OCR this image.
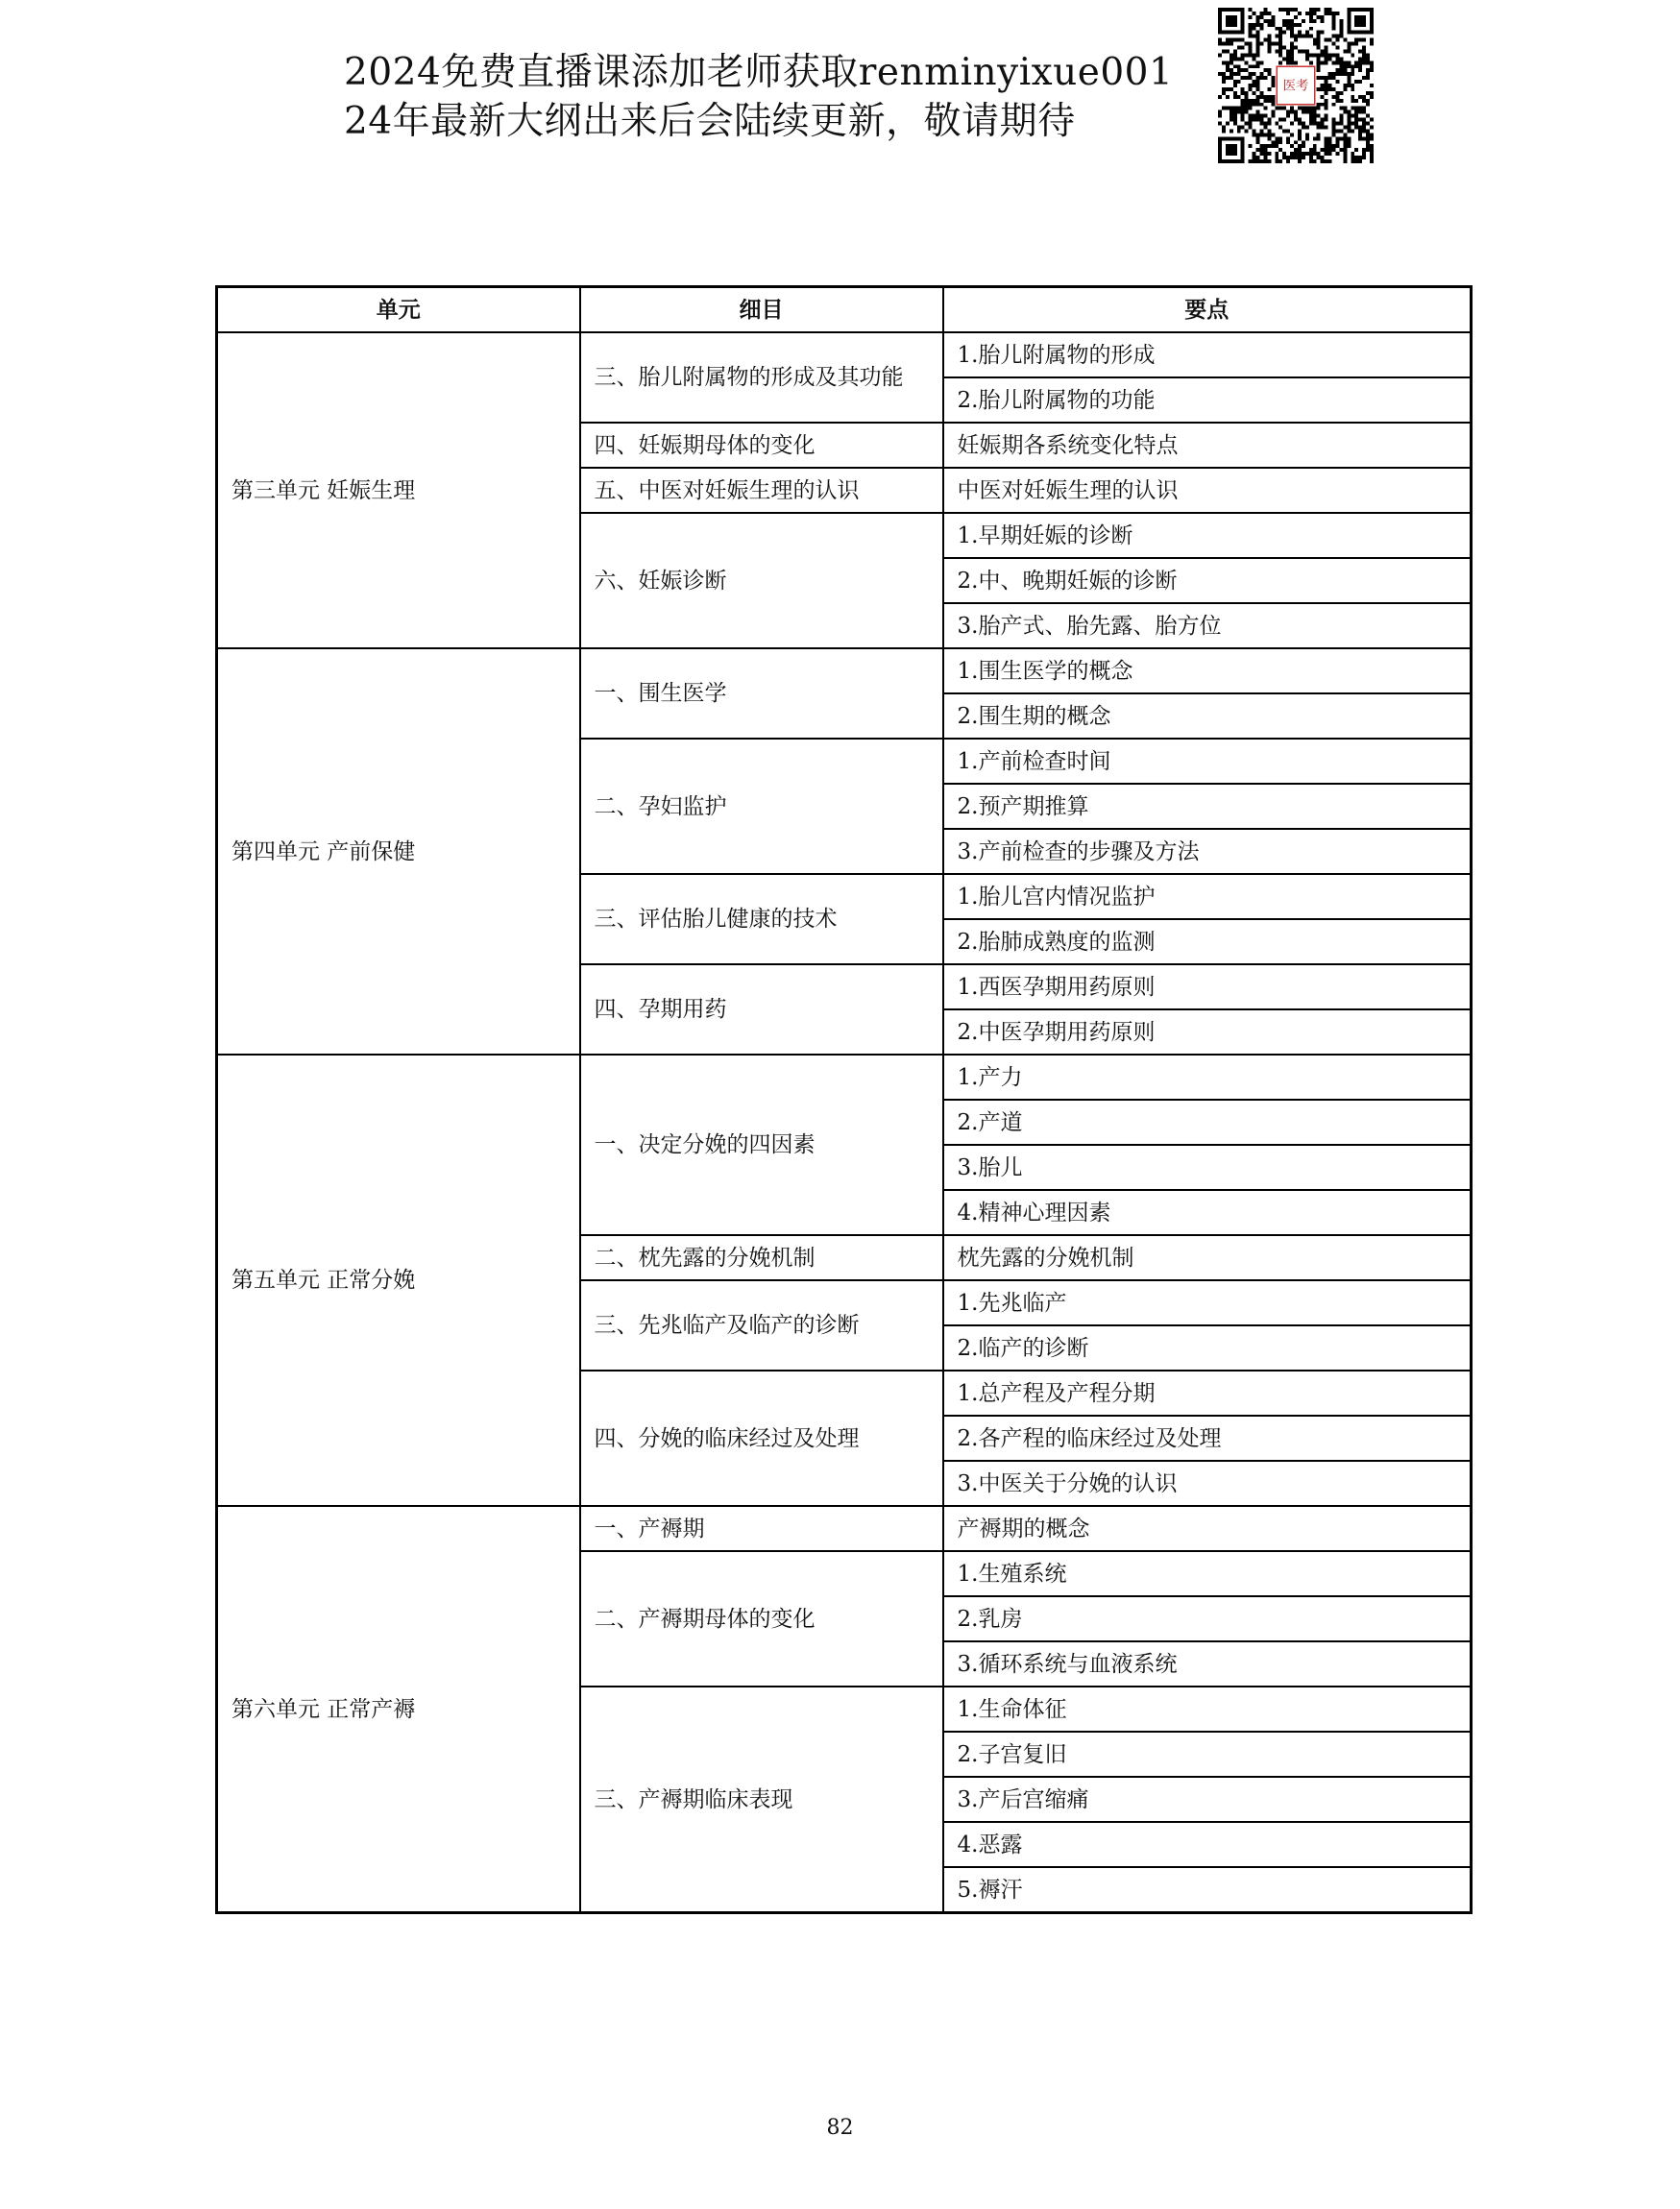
2024免费直播课添加老师获取renminyixue001
24年最新大纲出来后会陆续更新，敬请期待
医考
单元	细目	要点
第三单元 妊娠生理	三、胎儿附属物的形成及其功能	1.胎儿附属物的形成
		2.胎儿附属物的功能
	四、妊娠期母体的变化	妊娠期各系统变化特点
	五、中医对妊娠生理的认识	中医对妊娠生理的认识
	六、妊娠诊断	1.早期妊娠的诊断
		2.中、晚期妊娠的诊断
		3.胎产式、胎先露、胎方位
第四单元 产前保健	一、围生医学	1.围生医学的概念
		2.围生期的概念
	二、孕妇监护	1.产前检查时间
		2.预产期推算
		3.产前检查的步骤及方法
	三、评估胎儿健康的技术	1.胎儿宫内情况监护
		2.胎肺成熟度的监测
	四、孕期用药	1.西医孕期用药原则
		2.中医孕期用药原则
第五单元 正常分娩	一、决定分娩的四因素	1.产力
		2.产道
		3.胎儿
		4.精神心理因素
	二、枕先露的分娩机制	枕先露的分娩机制
	三、先兆临产及临产的诊断	1.先兆临产
		2.临产的诊断
	四、分娩的临床经过及处理	1.总产程及产程分期
		2.各产程的临床经过及处理
		3.中医关于分娩的认识
第六单元 正常产褥	一、产褥期	产褥期的概念
	二、产褥期母体的变化	1.生殖系统
		2.乳房
		3.循环系统与血液系统
	三、产褥期临床表现	1.生命体征
		2.子宫复旧
		3.产后宫缩痛
		4.恶露
		5.褥汗
82
